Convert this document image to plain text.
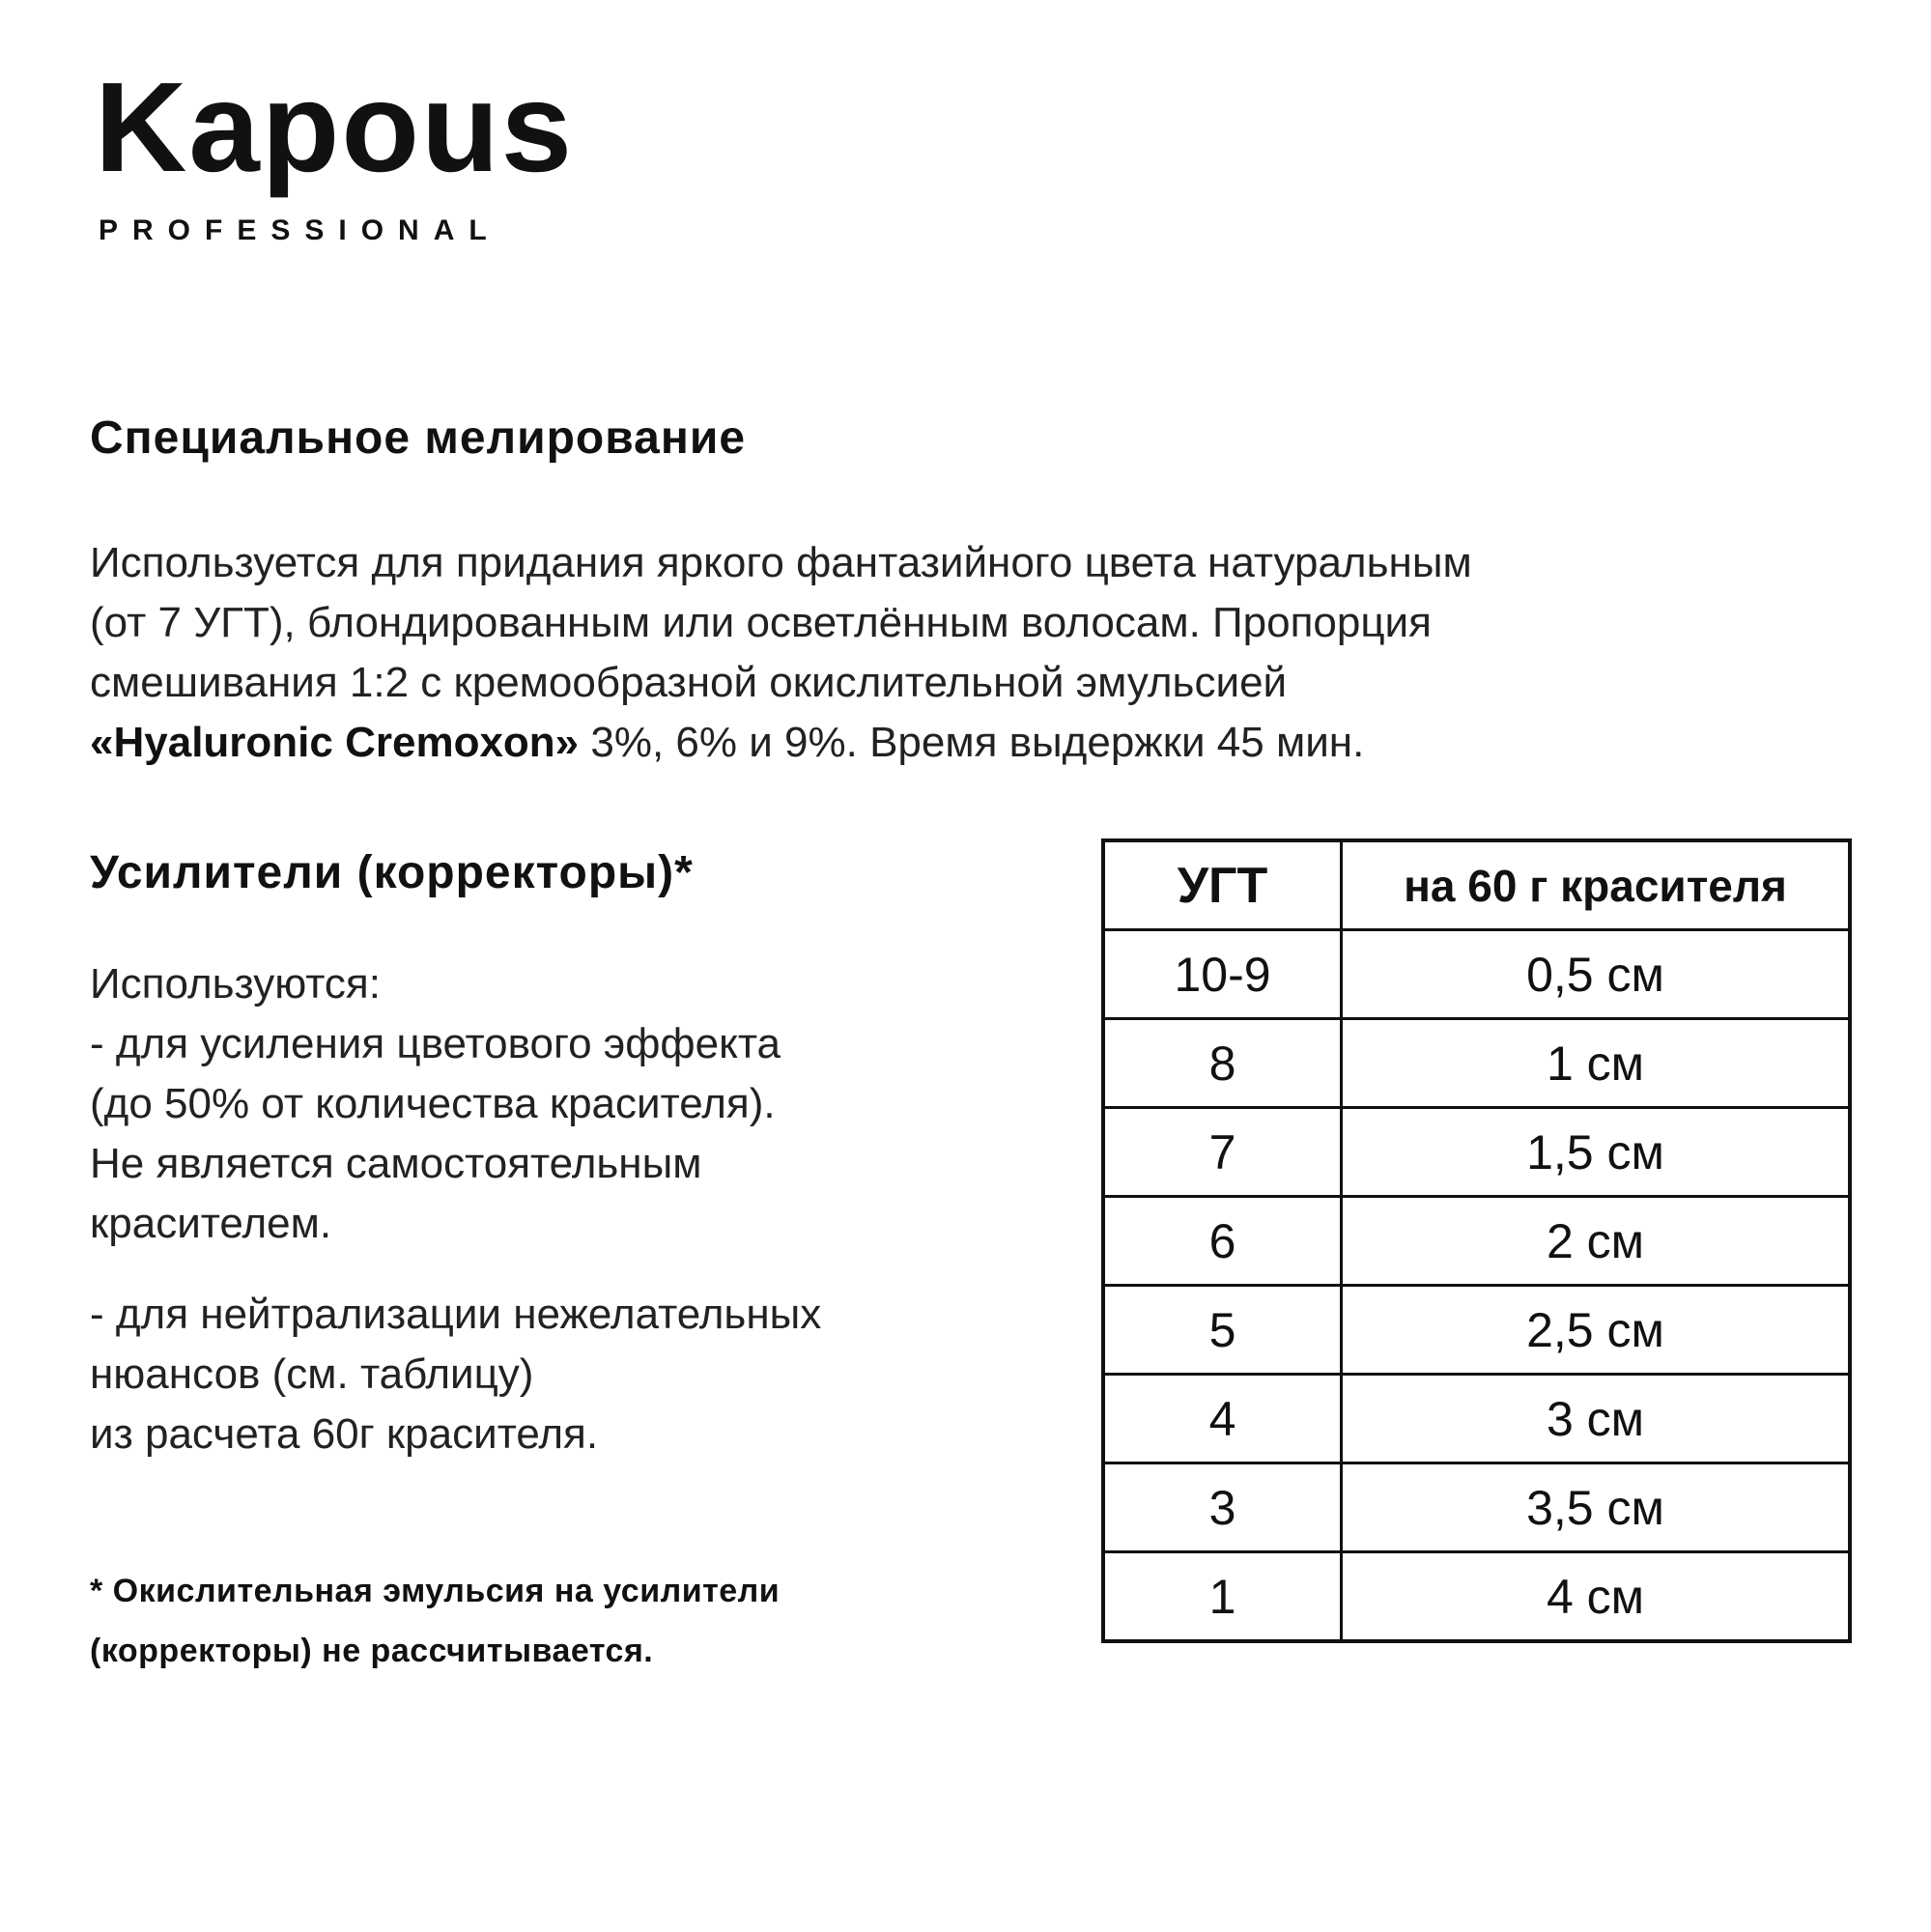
Kapous
PROFESSIONAL
Специальное мелирование
Используется для придания яркого фантазийного цвета натуральным
(от 7 УГТ), блондированным или осветлённым волосам. Пропорция
смешивания 1:2 с кремообразной окислительной эмульсией
«Hyaluronic Cremoxon» 3%, 6% и 9%. Время выдержки 45 мин.
Усилители (корректоры)*
Используются:
- для усиления цветового эффекта
(до 50% от количества красителя).
Не является самостоятельным
красителем.
- для нейтрализации нежелательных
нюансов (см. таблицу)
из расчета 60г красителя.
* Окислительная эмульсия на усилители
(корректоры) не рассчитывается.
УГТ	на 60 г красителя
10-9	0,5 см
8	1 см
7	1,5 см
6	2 см
5	2,5 см
4	3 см
3	3,5 см
1	4 см
